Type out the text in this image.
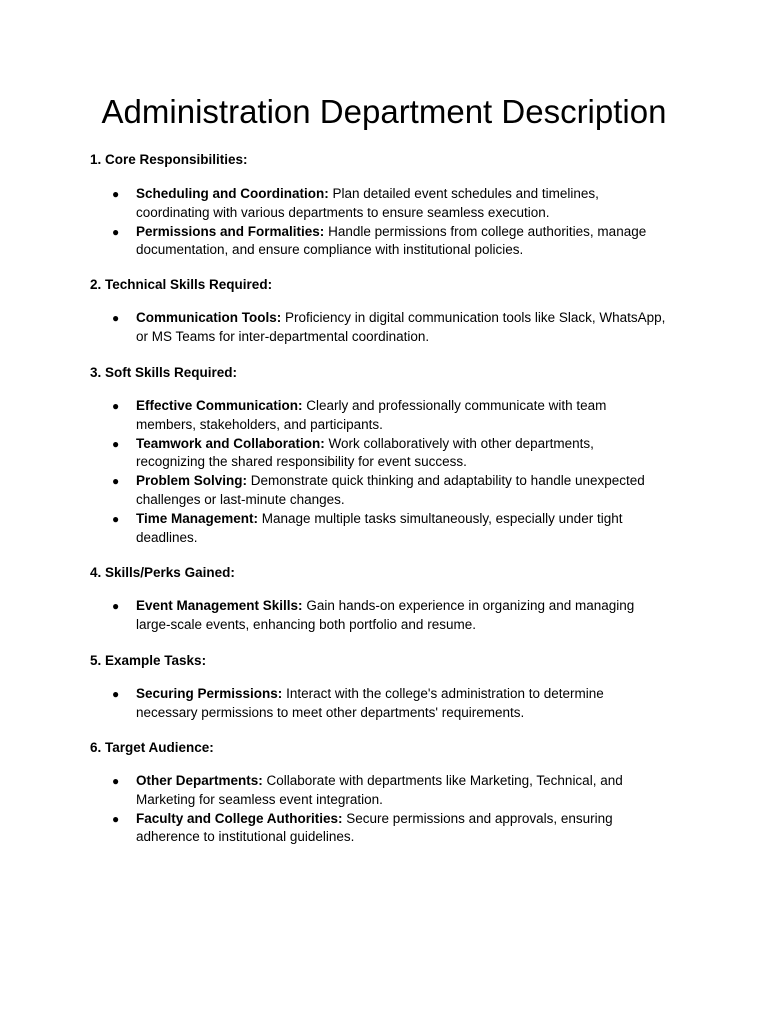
Administration Department Description

1. Core Responsibilities:

● Scheduling and Coordination: Plan detailed event schedules and timelines,
coordinating with various departments to ensure seamless execution.
● Permissions and Formalities: Handle permissions from college authorities, manage
documentation, and ensure compliance with institutional policies.

2. Technical Skills Required:

● Communication Tools: Proficiency in digital communication tools like Slack, WhatsApp,
or MS Teams for inter-departmental coordination.

3. Soft Skills Required:

● Effective Communication: Clearly and professionally communicate with team
members, stakeholders, and participants.
● Teamwork and Collaboration: Work collaboratively with other departments,
recognizing the shared responsibility for event success.
● Problem Solving: Demonstrate quick thinking and adaptability to handle unexpected
challenges or last-minute changes.
● Time Management: Manage multiple tasks simultaneously, especially under tight
deadlines.

4. Skills/Perks Gained:

● Event Management Skills: Gain hands-on experience in organizing and managing
large-scale events, enhancing both portfolio and resume.

5. Example Tasks:

● Securing Permissions: Interact with the college's administration to determine
necessary permissions to meet other departments' requirements.

6. Target Audience:

● Other Departments: Collaborate with departments like Marketing, Technical, and
Marketing for seamless event integration.
● Faculty and College Authorities: Secure permissions and approvals, ensuring
adherence to institutional guidelines.
